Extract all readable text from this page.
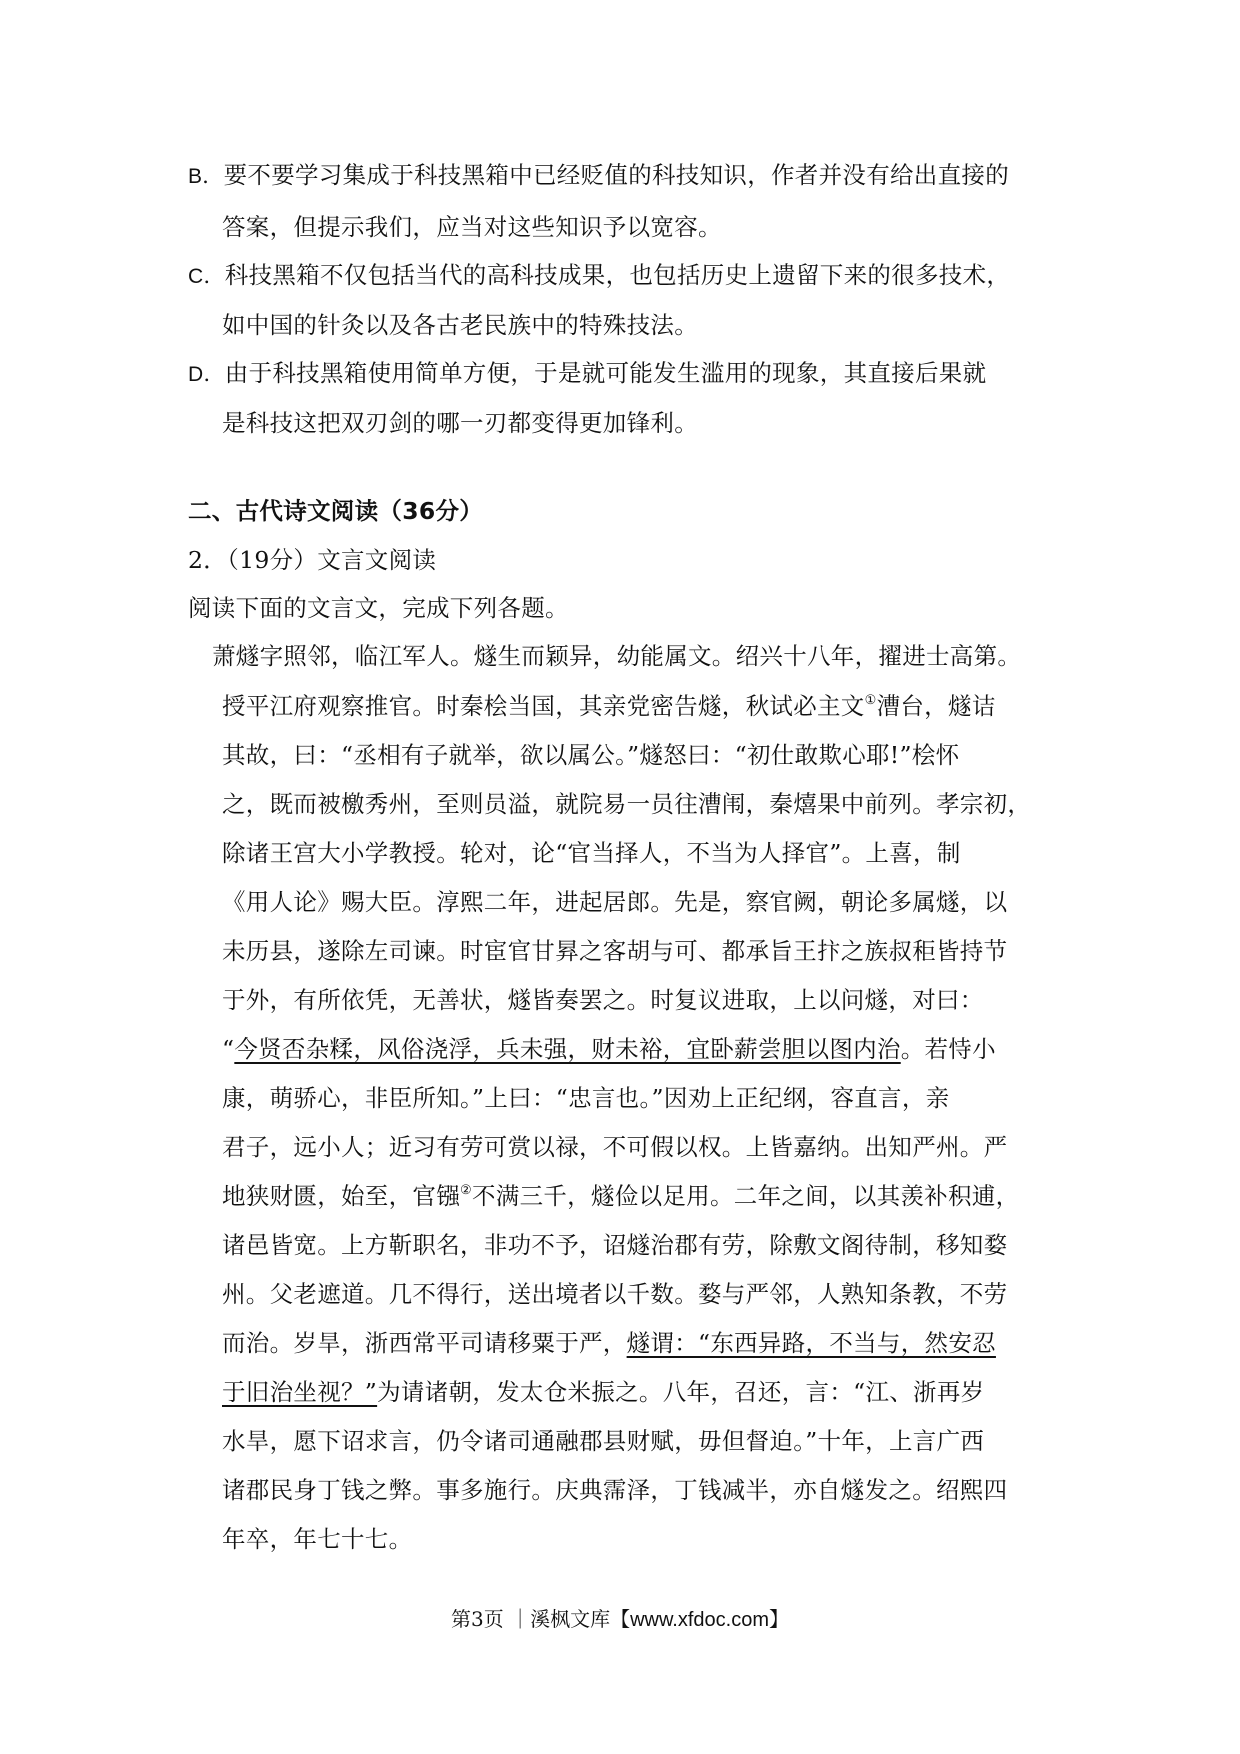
B．要不要学习集成于科技黑箱中已经贬值的科技知识，作者并没有给出直接的
答案，但提示我们，应当对这些知识予以宽容。
C．科技黑箱不仅包括当代的高科技成果，也包括历史上遗留下来的很多技术，
如中国的针灸以及各古老民族中的特殊技法。
D．由于科技黑箱使用简单方便，于是就可能发生滥用的现象，其直接后果就
是科技这把双刃剑的哪一刃都变得更加锋利。
二、古代诗文阅读（36分）
2．（19分）文言文阅读
阅读下面的文言文，完成下列各题。
萧燧字照邻，临江军人。燧生而颖异，幼能属文。绍兴十八年，擢进士高第。
授平江府观察推官。时秦桧当国，其亲党密告燧，秋试必主文①漕台，燧诘
其故，曰：“丞相有子就举，欲以属公。”燧怒曰：“初仕敢欺心耶!”桧怀
之，既而被檄秀州，至则员溢，就院易一员往漕闱，秦熺果中前列。孝宗初，
除诸王宫大小学教授。轮对，论“官当择人，不当为人择官”。上喜，制
《用人论》赐大臣。淳熙二年，进起居郎。先是，察官阙，朝论多属燧，以
未历县，遂除左司谏。时宦官甘昪之客胡与可、都承旨王抃之族叔秬皆持节
于外，有所依凭，无善状，燧皆奏罢之。时复议进取，上以问燧，对曰：
“今贤否杂糅，风俗浇浮，兵未强，财未裕，宜卧薪尝胆以图内治。若恃小
康，萌骄心，非臣所知。”上曰：“忠言也。”因劝上正纪纲，容直言，亲
君子，远小人；近习有劳可赏以禄，不可假以权。上皆嘉纳。出知严州。严
地狭财匮，始至，官镪②不满三千，燧俭以足用。二年之间，以其羡补积逋，
诸邑皆宽。上方靳职名，非功不予，诏燧治郡有劳，除敷文阁待制，移知婺
州。父老遮道。几不得行，送出境者以千数。婺与严邻，人熟知条教，不劳
而治。岁旱，浙西常平司请移粟于严，燧谓：“东西异路，不当与，然安忍
于旧治坐视？”为请诸朝，发太仓米振之。八年，召还，言：“江、浙再岁
水旱，愿下诏求言，仍令诸司通融郡县财赋，毋但督迫。”十年，上言广西
诸郡民身丁钱之弊。事多施行。庆典霈泽，丁钱减半，亦自燧发之。绍熙四
年卒，年七十七。
第3页 ｜溪枫文库【www.xfdoc.com】
